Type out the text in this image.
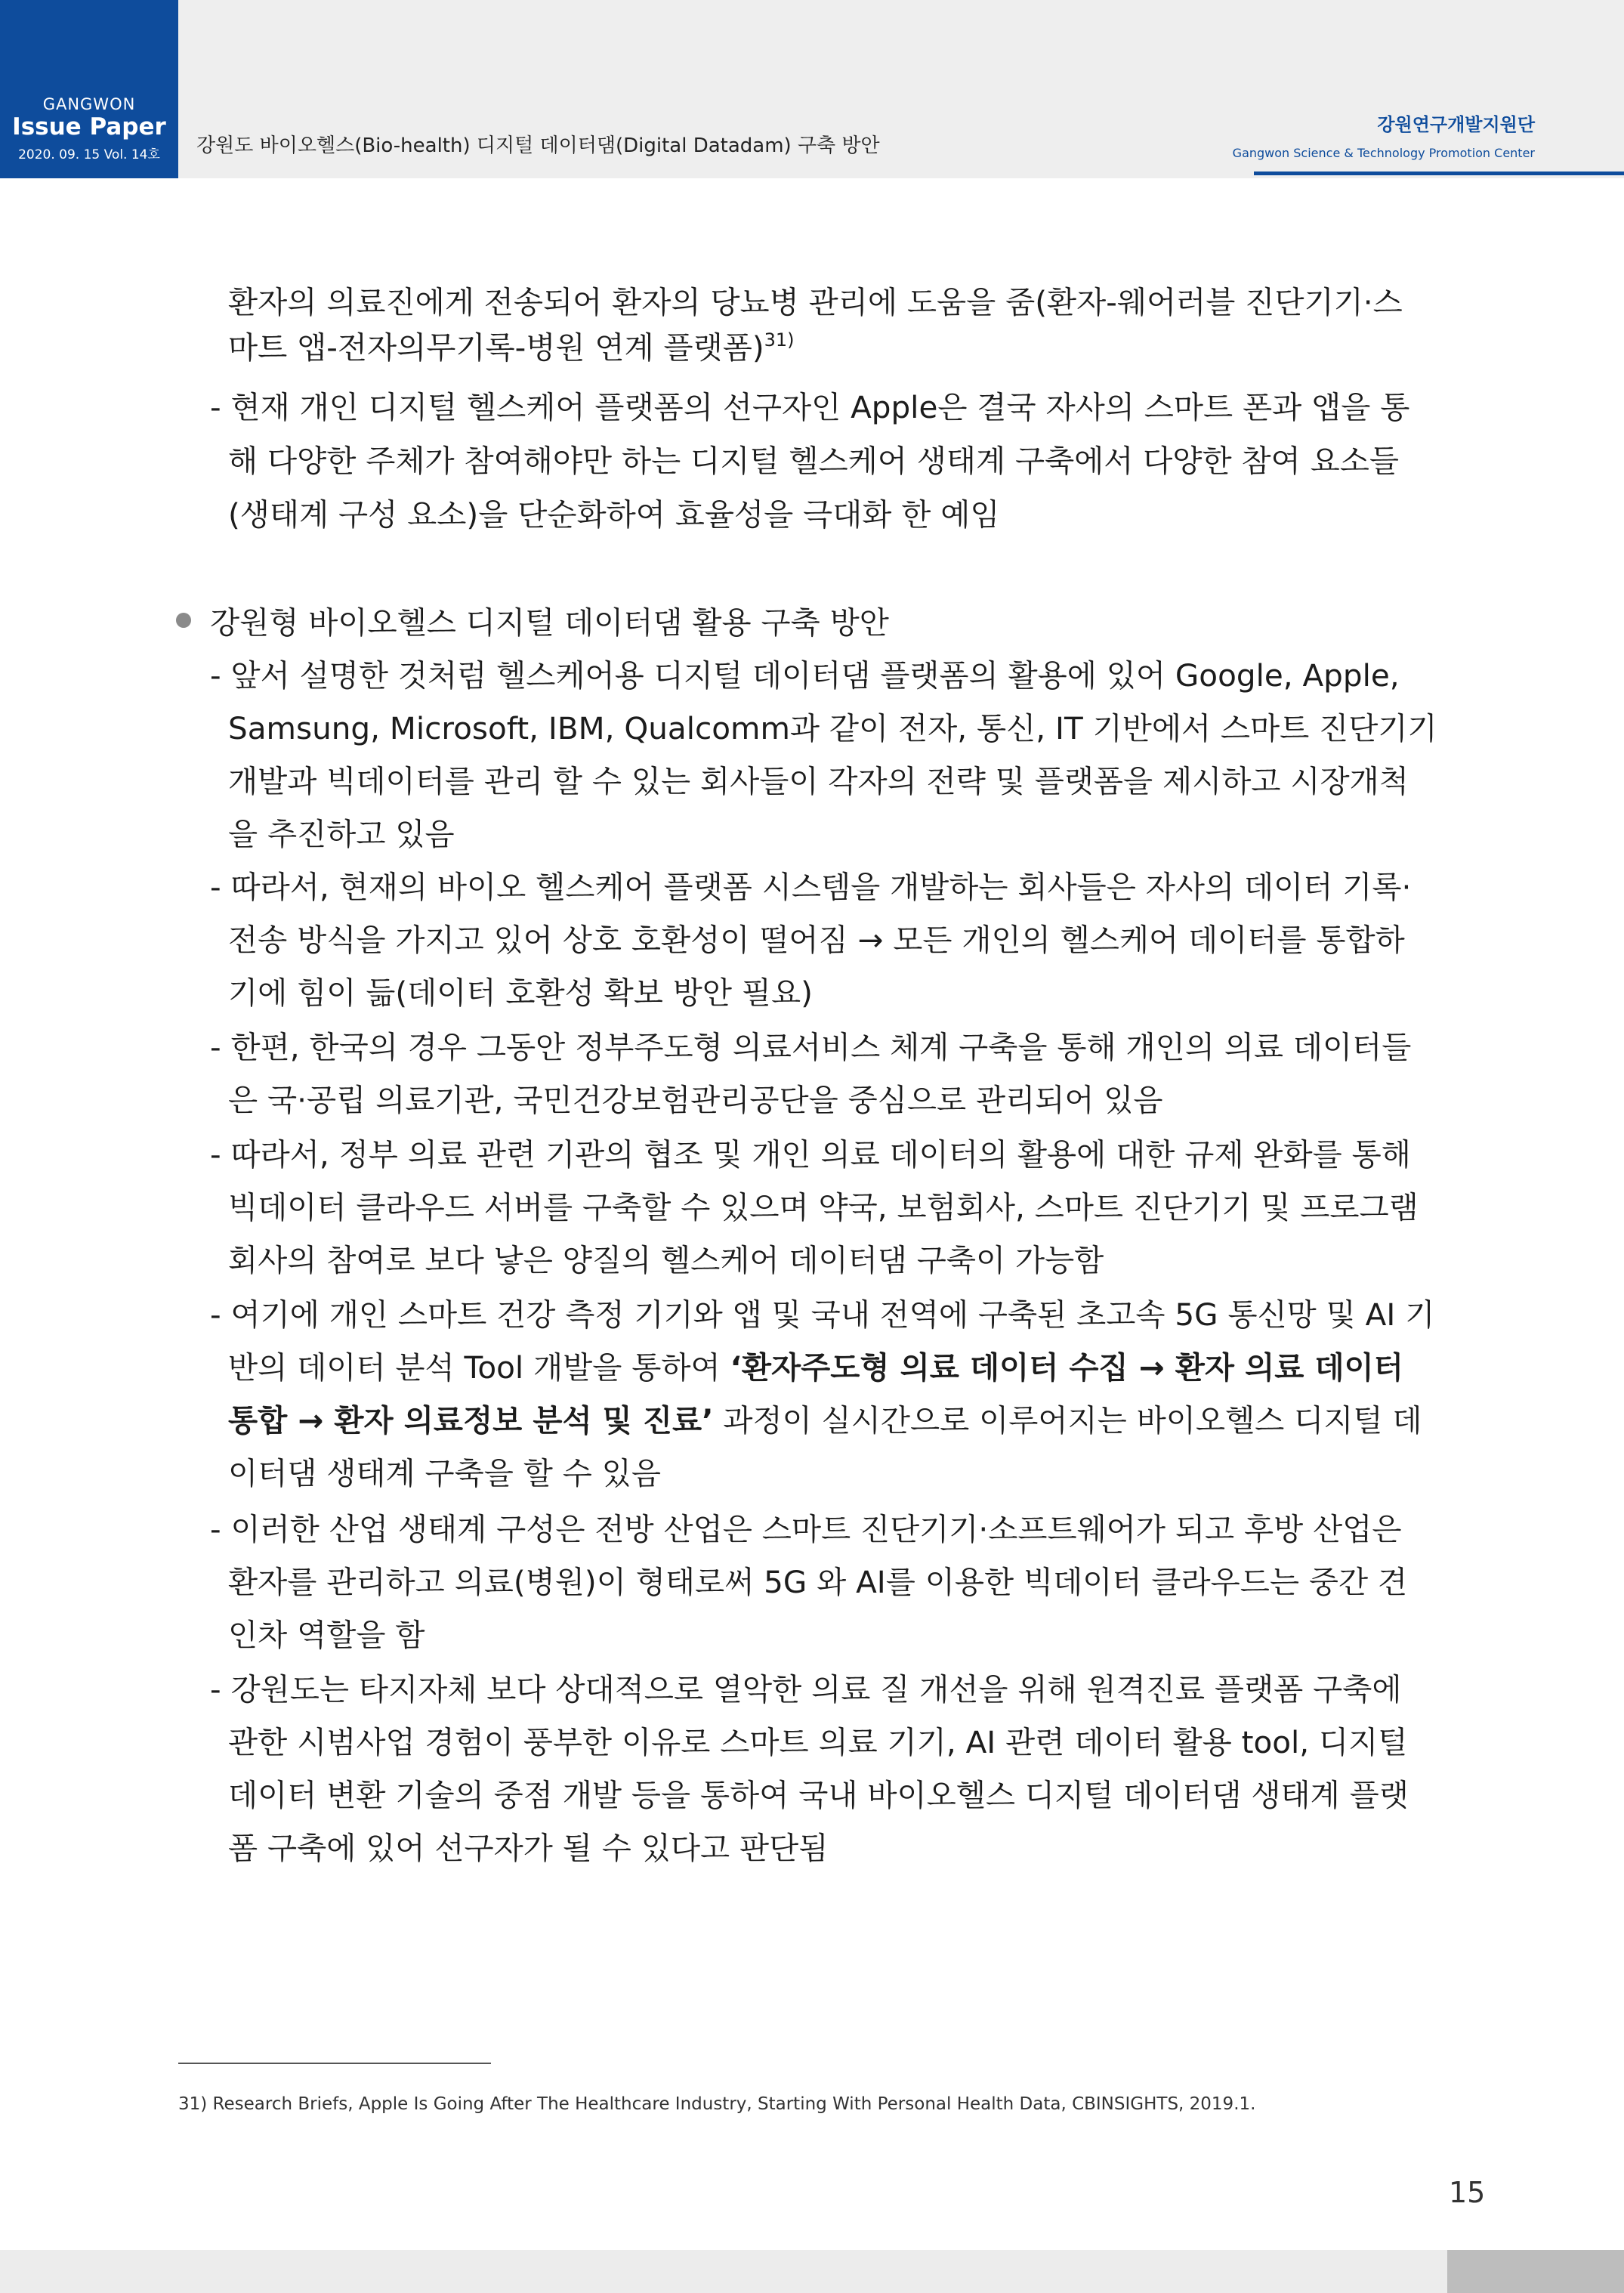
GANGWON
Issue Paper
2020. 09. 15 Vol. 14호	강원도 바이오헬스(Bio-health) 디지털 데이터댐(Digital Datadam) 구축 방안
강원연구개발지원단
Gangwon Science & Technology Promotion Center
환자의 의료진에게 전송되어 환자의 당뇨병 관리에 도움을 줌(환자-웨어러블 진단기기·스
마트 앱-전자의무기록-병원 연계 플랫폼)$^{31)}$
- 현재 개인 디지털 헬스케어 플랫폼의 선구자인 Apple은 결국 자사의 스마트 폰과 앱을 통
해 다양한 주체가 참여해야만 하는 디지털 헬스케어 생태계 구축에서 다양한 참여 요소들
(생태계 구성 요소)을 단순화하여 효율성을 극대화 한 예임
강원형 바이오헬스 디지털 데이터댐 활용 구축 방안
- 앞서 설명한 것처럼 헬스케어용 디지털 데이터댐 플랫폼의 활용에 있어 Google, Apple,
Samsung, Microsoft, IBM, Qualcomm과 같이 전자, 통신, IT 기반에서 스마트 진단기기
개발과 빅데이터를 관리 할 수 있는 회사들이 각자의 전략 및 플랫폼을 제시하고 시장개척
을 추진하고 있음
- 따라서, 현재의 바이오 헬스케어 플랫폼 시스템을 개발하는 회사들은 자사의 데이터 기록·
전송 방식을 가지고 있어 상호 호환성이 떨어짐 → 모든 개인의 헬스케어 데이터를 통합하
기에 힘이 듦(데이터 호환성 확보 방안 필요)
- 한편, 한국의 경우 그동안 정부주도형 의료서비스 체계 구축을 통해 개인의 의료 데이터들
은 국·공립 의료기관, 국민건강보험관리공단을 중심으로 관리되어 있음
- 따라서, 정부 의료 관련 기관의 협조 및 개인 의료 데이터의 활용에 대한 규제 완화를 통해
빅데이터 클라우드 서버를 구축할 수 있으며 약국, 보험회사, 스마트 진단기기 및 프로그램
회사의 참여로 보다 낳은 양질의 헬스케어 데이터댐 구축이 가능함
- 여기에 개인 스마트 건강 측정 기기와 앱 및 국내 전역에 구축된 초고속 5G 통신망 및 AI 기
반의 데이터 분석 Tool 개발을 통하여 ‘환자주도형 의료 데이터 수집 → 환자 의료 데이터
통합 → 환자 의료정보 분석 및 진료’ 과정이 실시간으로 이루어지는 바이오헬스 디지털 데
이터댐 생태계 구축을 할 수 있음
- 이러한 산업 생태계 구성은 전방 산업은 스마트 진단기기·소프트웨어가 되고 후방 산업은
환자를 관리하고 의료(병원)이 형태로써 5G 와 AI를 이용한 빅데이터 클라우드는 중간 견
인차 역할을 함
- 강원도는 타지자체 보다 상대적으로 열악한 의료 질 개선을 위해 원격진료 플랫폼 구축에
관한 시범사업 경험이 풍부한 이유로 스마트 의료 기기, AI 관련 데이터 활용 tool, 디지털
데이터 변환 기술의 중점 개발 등을 통하여 국내 바이오헬스 디지털 데이터댐 생태계 플랫
폼 구축에 있어 선구자가 될 수 있다고 판단됨
31) Research Briefs, Apple Is Going After The Healthcare Industry, Starting With Personal Health Data, CBINSIGHTS, 2019.1.
15
